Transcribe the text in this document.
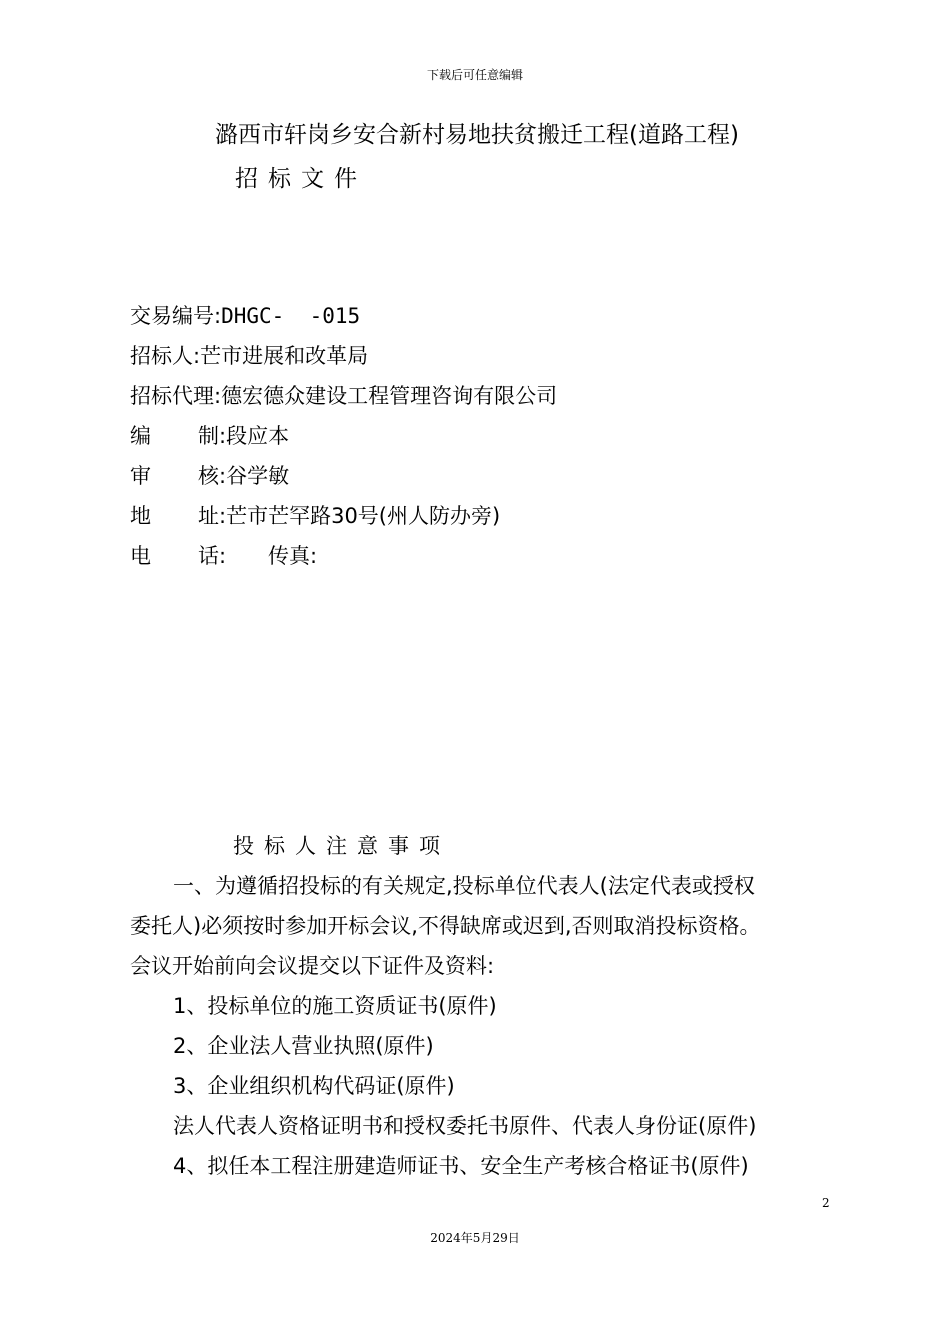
下载后可任意编辑
潞西市轩岗乡安合新村易地扶贫搬迁工程(道路工程)
招标文件
交易编号:DHGC-  -015
招标人:芒市进展和改革局
招标代理:德宏德众建设工程管理咨询有限公司
编 制:段应本
审 核:谷学敏
地 址:芒市芒罕路30号(州人防办旁)
电 话: 传真:
投标人注意事项
一、为遵循招投标的有关规定,投标单位代表人(法定代表或授权
委托人)必须按时参加开标会议,不得缺席或迟到,否则取消投标资格。
会议开始前向会议提交以下证件及资料:
1、投标单位的施工资质证书(原件)
2、企业法人营业执照(原件)
3、企业组织机构代码证(原件)
法人代表人资格证明书和授权委托书原件、代表人身份证(原件)
4、拟任本工程注册建造师证书、安全生产考核合格证书(原件)
2
2024年5月29日
